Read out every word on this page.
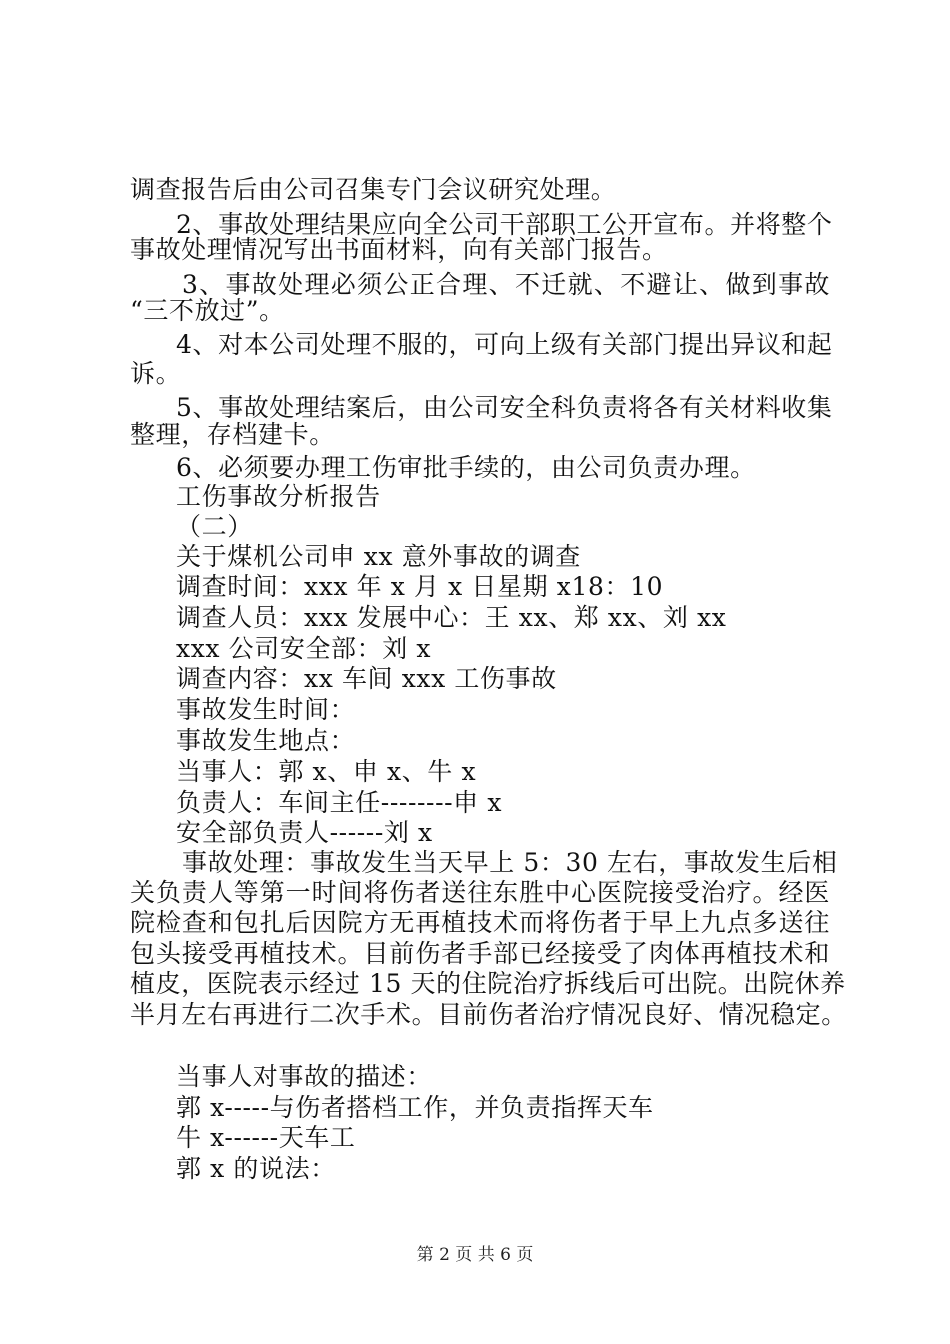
调查报告后由公司召集专门会议研究处理。
2、事故处理结果应向全公司干部职工公开宣布。并将整个
事故处理情况写出书面材料，向有关部门报告。
3、事故处理必须公正合理、不迁就、不避让、做到事故
“三不放过”。
4、对本公司处理不服的，可向上级有关部门提出异议和起
诉。
5、事故处理结案后，由公司安全科负责将各有关材料收集
整理，存档建卡。
6、必须要办理工伤审批手续的，由公司负责办理。
工伤事故分析报告
（二）
关于煤机公司申 xx 意外事故的调查
调查时间：xxx 年 x 月 x 日星期 x18：10
调查人员：xxx 发展中心：王 xx、郑 xx、刘 xx
xxx 公司安全部：刘 x
调查内容：xx 车间 xxx 工伤事故
事故发生时间：
事故发生地点：
当事人：郭 x、申 x、牛 x
负责人：车间主任--------申 x
安全部负责人------刘 x
事故处理：事故发生当天早上 5：30 左右，事故发生后相
关负责人等第一时间将伤者送往东胜中心医院接受治疗。经医
院检查和包扎后因院方无再植技术而将伤者于早上九点多送往
包头接受再植技术。目前伤者手部已经接受了肉体再植技术和
植皮，医院表示经过 15 天的住院治疗拆线后可出院。出院休养
半月左右再进行二次手术。目前伤者治疗情况良好、情况稳定。
当事人对事故的描述：
郭 x-----与伤者搭档工作，并负责指挥天车
牛 x------天车工
郭 x 的说法：
第 2 页 共 6 页
